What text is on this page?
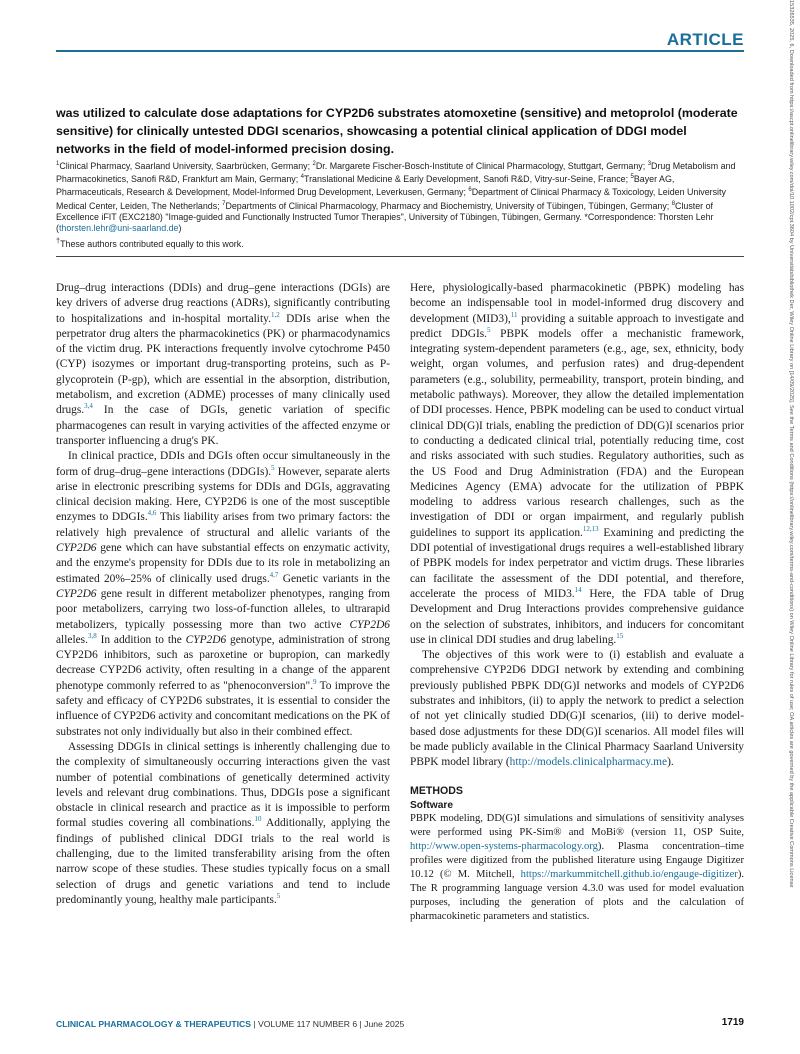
15326535, 2025, 6, Downloaded from https://ascpt.onlinelibrary.wiley.com/doi/10.1002/cpt.3604 by Universitätsbibliothek Der, Wiley Online Library on [14/09/2025]. See the Terms and Conditions (https://onlinelibrary.wiley.com/terms-and-conditions) on Wiley Online Library for rules of use; OA articles are governed by the applicable Creative Commons License
ARTICLE
was utilized to calculate dose adaptations for CYP2D6 substrates atomoxetine (sensitive) and metoprolol (moderate sensitive) for clinically untested DDGI scenarios, showcasing a potential clinical application of DDGI model networks in the field of model-informed precision dosing.
$^1$Clinical Pharmacy, Saarland University, Saarbrücken, Germany; $^2$Dr. Margarete Fischer-Bosch-Institute of Clinical Pharmacology, Stuttgart, Germany; $^3$Drug Metabolism and Pharmacokinetics, Sanofi R&D, Frankfurt am Main, Germany; $^4$Translational Medicine & Early Development, Sanofi R&D, Vitry-sur-Seine, France; $^5$Bayer AG, Pharmaceuticals, Research & Development, Model-Informed Drug Development, Leverkusen, Germany; $^6$Department of Clinical Pharmacy & Toxicology, Leiden University Medical Center, Leiden, The Netherlands; $^7$Departments of Clinical Pharmacology, Pharmacy and Biochemistry, University of Tübingen, Tübingen, Germany; $^8$Cluster of Excellence iFIT (EXC2180) "Image-guided and Functionally Instructed Tumor Therapies", University of Tübingen, Tübingen, Germany. *Correspondence: Thorsten Lehr (thorsten.lehr@uni-saarland.de)
†These authors contributed equally to this work.

Drug–drug interactions (DDIs) and drug–gene interactions (DGIs) are key drivers of adverse drug reactions (ADRs), significantly contributing to hospitalizations and in-hospital mortality.$^{1,2}$ DDIs arise when the perpetrator drug alters the pharmacokinetics (PK) or pharmacodynamics of the victim drug. PK interactions frequently involve cytochrome P450 (CYP) isozymes or important drug-transporting proteins, such as P-glycoprotein (P-gp), which are essential in the absorption, distribution, metabolism, and excretion (ADME) processes of many clinically used drugs.$^{3,4}$ In the case of DGIs, genetic variation of specific pharmacogenes can result in varying activities of the affected enzyme or transporter influencing a drug's PK.

In clinical practice, DDIs and DGIs often occur simultaneously in the form of drug–drug–gene interactions (DDGIs).$^5$ However, separate alerts arise in electronic prescribing systems for DDIs and DGIs, aggravating clinical decision making. Here, CYP2D6 is one of the most susceptible enzymes to DDGIs.$^{4,6}$ This liability arises from two primary factors: the relatively high prevalence of structural and allelic variants of the CYP2D6 gene which can have substantial effects on enzymatic activity, and the enzyme's propensity for DDIs due to its role in metabolizing an estimated 20%–25% of clinically used drugs.$^{4,7}$ Genetic variants in the CYP2D6 gene result in different metabolizer phenotypes, ranging from poor metabolizers, carrying two loss-of-function alleles, to ultrarapid metabolizers, typically possessing more than two active CYP2D6 alleles.$^{3,8}$ In addition to the CYP2D6 genotype, administration of strong CYP2D6 inhibitors, such as paroxetine or bupropion, can markedly decrease CYP2D6 activity, often resulting in a change of the apparent phenotype commonly referred to as "phenoconversion".$^9$ To improve the safety and efficacy of CYP2D6 substrates, it is essential to consider the influence of CYP2D6 activity and concomitant medications on the PK of substrates not only individually but also in their combined effect.

Assessing DDGIs in clinical settings is inherently challenging due to the complexity of simultaneously occurring interactions given the vast number of potential combinations of genetically determined activity levels and relevant drug combinations. Thus, DDGIs pose a significant obstacle in clinical research and practice as it is impossible to perform formal studies covering all combinations.$^{10}$ Additionally, applying the findings of published clinical DDGI trials to the real world is challenging, due to the limited transferability arising from the often narrow scope of these studies. These studies typically focus on a small selection of drugs and genetic variations and tend to include predominantly young, healthy male participants.$^5$

Here, physiologically-based pharmacokinetic (PBPK) modeling has become an indispensable tool in model-informed drug discovery and development (MID3),$^{11}$ providing a suitable approach to investigate and predict DDGIs.$^5$ PBPK models offer a mechanistic framework, integrating system-dependent parameters (e.g., age, sex, ethnicity, body weight, organ volumes, and perfusion rates) and drug-dependent parameters (e.g., solubility, permeability, transport, protein binding, and metabolic pathways). Moreover, they allow the detailed implementation of DDI processes. Hence, PBPK modeling can be used to conduct virtual clinical DD(G)I trials, enabling the prediction of DD(G)I scenarios prior to conducting a dedicated clinical trial, potentially reducing time, cost and risks associated with such studies. Regulatory authorities, such as the US Food and Drug Administration (FDA) and the European Medicines Agency (EMA) advocate for the utilization of PBPK modeling to address various research challenges, such as the investigation of DDI or organ impairment, and regularly publish guidelines to support its application.$^{12,13}$ Examining and predicting the DDI potential of investigational drugs requires a well-established library of PBPK models for index perpetrator and victim drugs. These libraries can facilitate the assessment of the DDI potential, and therefore, accelerate the process of MID3.14 Here, the FDA table of Drug Development and Drug Interactions provides comprehensive guidance on the selection of substrates, inhibitors, and inducers for concomitant use in clinical DDI studies and drug labeling.$^{15}$

The objectives of this work were to (i) establish and evaluate a comprehensive CYP2D6 DDGI network by extending and combining previously published PBPK DD(G)I networks and models of CYP2D6 substrates and inhibitors, (ii) to apply the network to predict a selection of not yet clinically studied DD(G)I scenarios, (iii) to derive model-based dose adjustments for these DD(G)I scenarios. All model files will be made publicly available in the Clinical Pharmacy Saarland University PBPK model library (http://models.clinicalpharmacy.me).

METHODS
Software

PBPK modeling, DD(G)I simulations and simulations of sensitivity analyses were performed using PK-Sim® and MoBi® (version 11, OSP Suite, http://www.open-systems-pharmacology.org). Plasma concentration–time profiles were digitized from the published literature using Engauge Digitizer 10.12 (© M. Mitchell, https://markummitchell.github.io/engauge-digitizer). The R programming language version 4.3.0 was used for model evaluation purposes, including the generation of plots and the calculation of pharmacokinetic parameters and statistics.

CLINICAL PHARMACOLOGY & THERAPEUTICS | VOLUME 117 NUMBER 6 | June 2025	1719
